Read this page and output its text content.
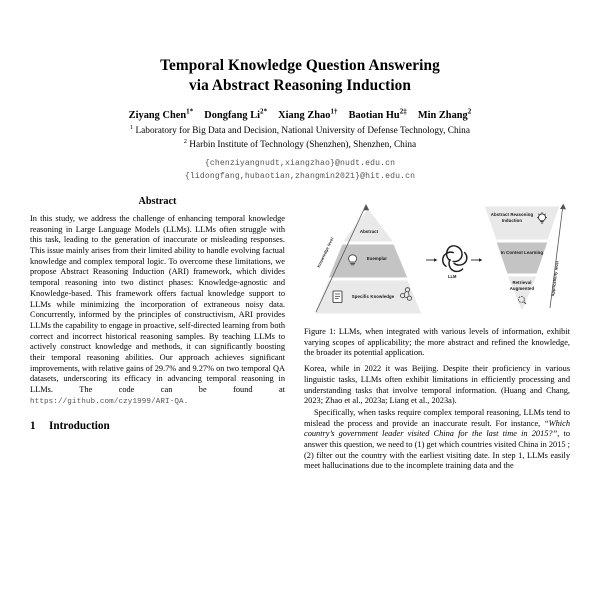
Temporal Knowledge Question Answering
via Abstract Reasoning Induction
Ziyang Chen$^{1*}$ Dongfang $Li^{2*}$ Xiang Zhao$^{1\dagger}$ Baotian $Hu^{2\ddagger}$ Min Zhang$^2$
$^1$ Laboratory for Big Data and Decision, National University of Defense Technology, China
$^2$ Harbin Institute of Technology (Shenzhen), Shenzhen, China
{chenziyangnudt,xiangzhao}@nudt.edu.cn
{lidongfang,hubaotian,zhangmin2021}@hit.edu.cn
Abstract
In this study, we address the challenge of enhancing temporal knowledge reasoning in Large Language Models (LLMs). LLMs often struggle with this task, leading to the generation of inaccurate or misleading responses. This issue mainly arises from their limited ability to handle evolving factual knowledge and complex temporal logic. To overcome these limitations, we propose Abstract Reasoning Induction (ARI) framework, which divides temporal reasoning into two distinct phases: Knowledge-agnostic and Knowledge-based. This framework offers factual knowledge support to LLMs while minimizing the incorporation of extraneous noisy data. Concurrently, informed by the principles of constructivism, ARI provides LLMs the capability to engage in proactive, self-directed learning from both correct and incorrect historical reasoning samples. By teaching LLMs to actively construct knowledge and methods, it can significantly boosting their temporal reasoning abilities. Our approach achieves significant improvements, with relative gains of 29.7% and 9.27% on two temporal QA datasets, underscoring its efficacy in advancing temporal reasoning in LLMs. The code can be found at https://github.com/czy1999/ARI-QA.
1	Introduction
Knowledge level
Applicability level
Abstract
Exemplar
Specific Knowledge
LLM
Abstract Reasoning Induction
In Context Learning
Retrieval Augmented
Figure 1: LLMs, when integrated with various levels of information, exhibit varying scopes of applicability; the more abstract and refined the knowledge, the broader its potential application.
Korea, while in 2022 it was Beijing. Despite their proficiency in various linguistic tasks, LLMs often exhibit limitations in efficiently processing and understanding tasks that involve temporal information. (Huang and Chang, 2023; Zhao et al., 2023a; Liang et al., 2023a).
Specifically, when tasks require complex temporal reasoning, LLMs tend to mislead the process and provide an inaccurate result. For instance, “Which country’s government leader visited China for the last time in 2015?”, to answer this question, we need to (1) get which countries visited China in 2015 ; (2) filter out the country with the earliest visiting date. In step 1, LLMs easily meet hallucinations due to the incomplete training data and the
